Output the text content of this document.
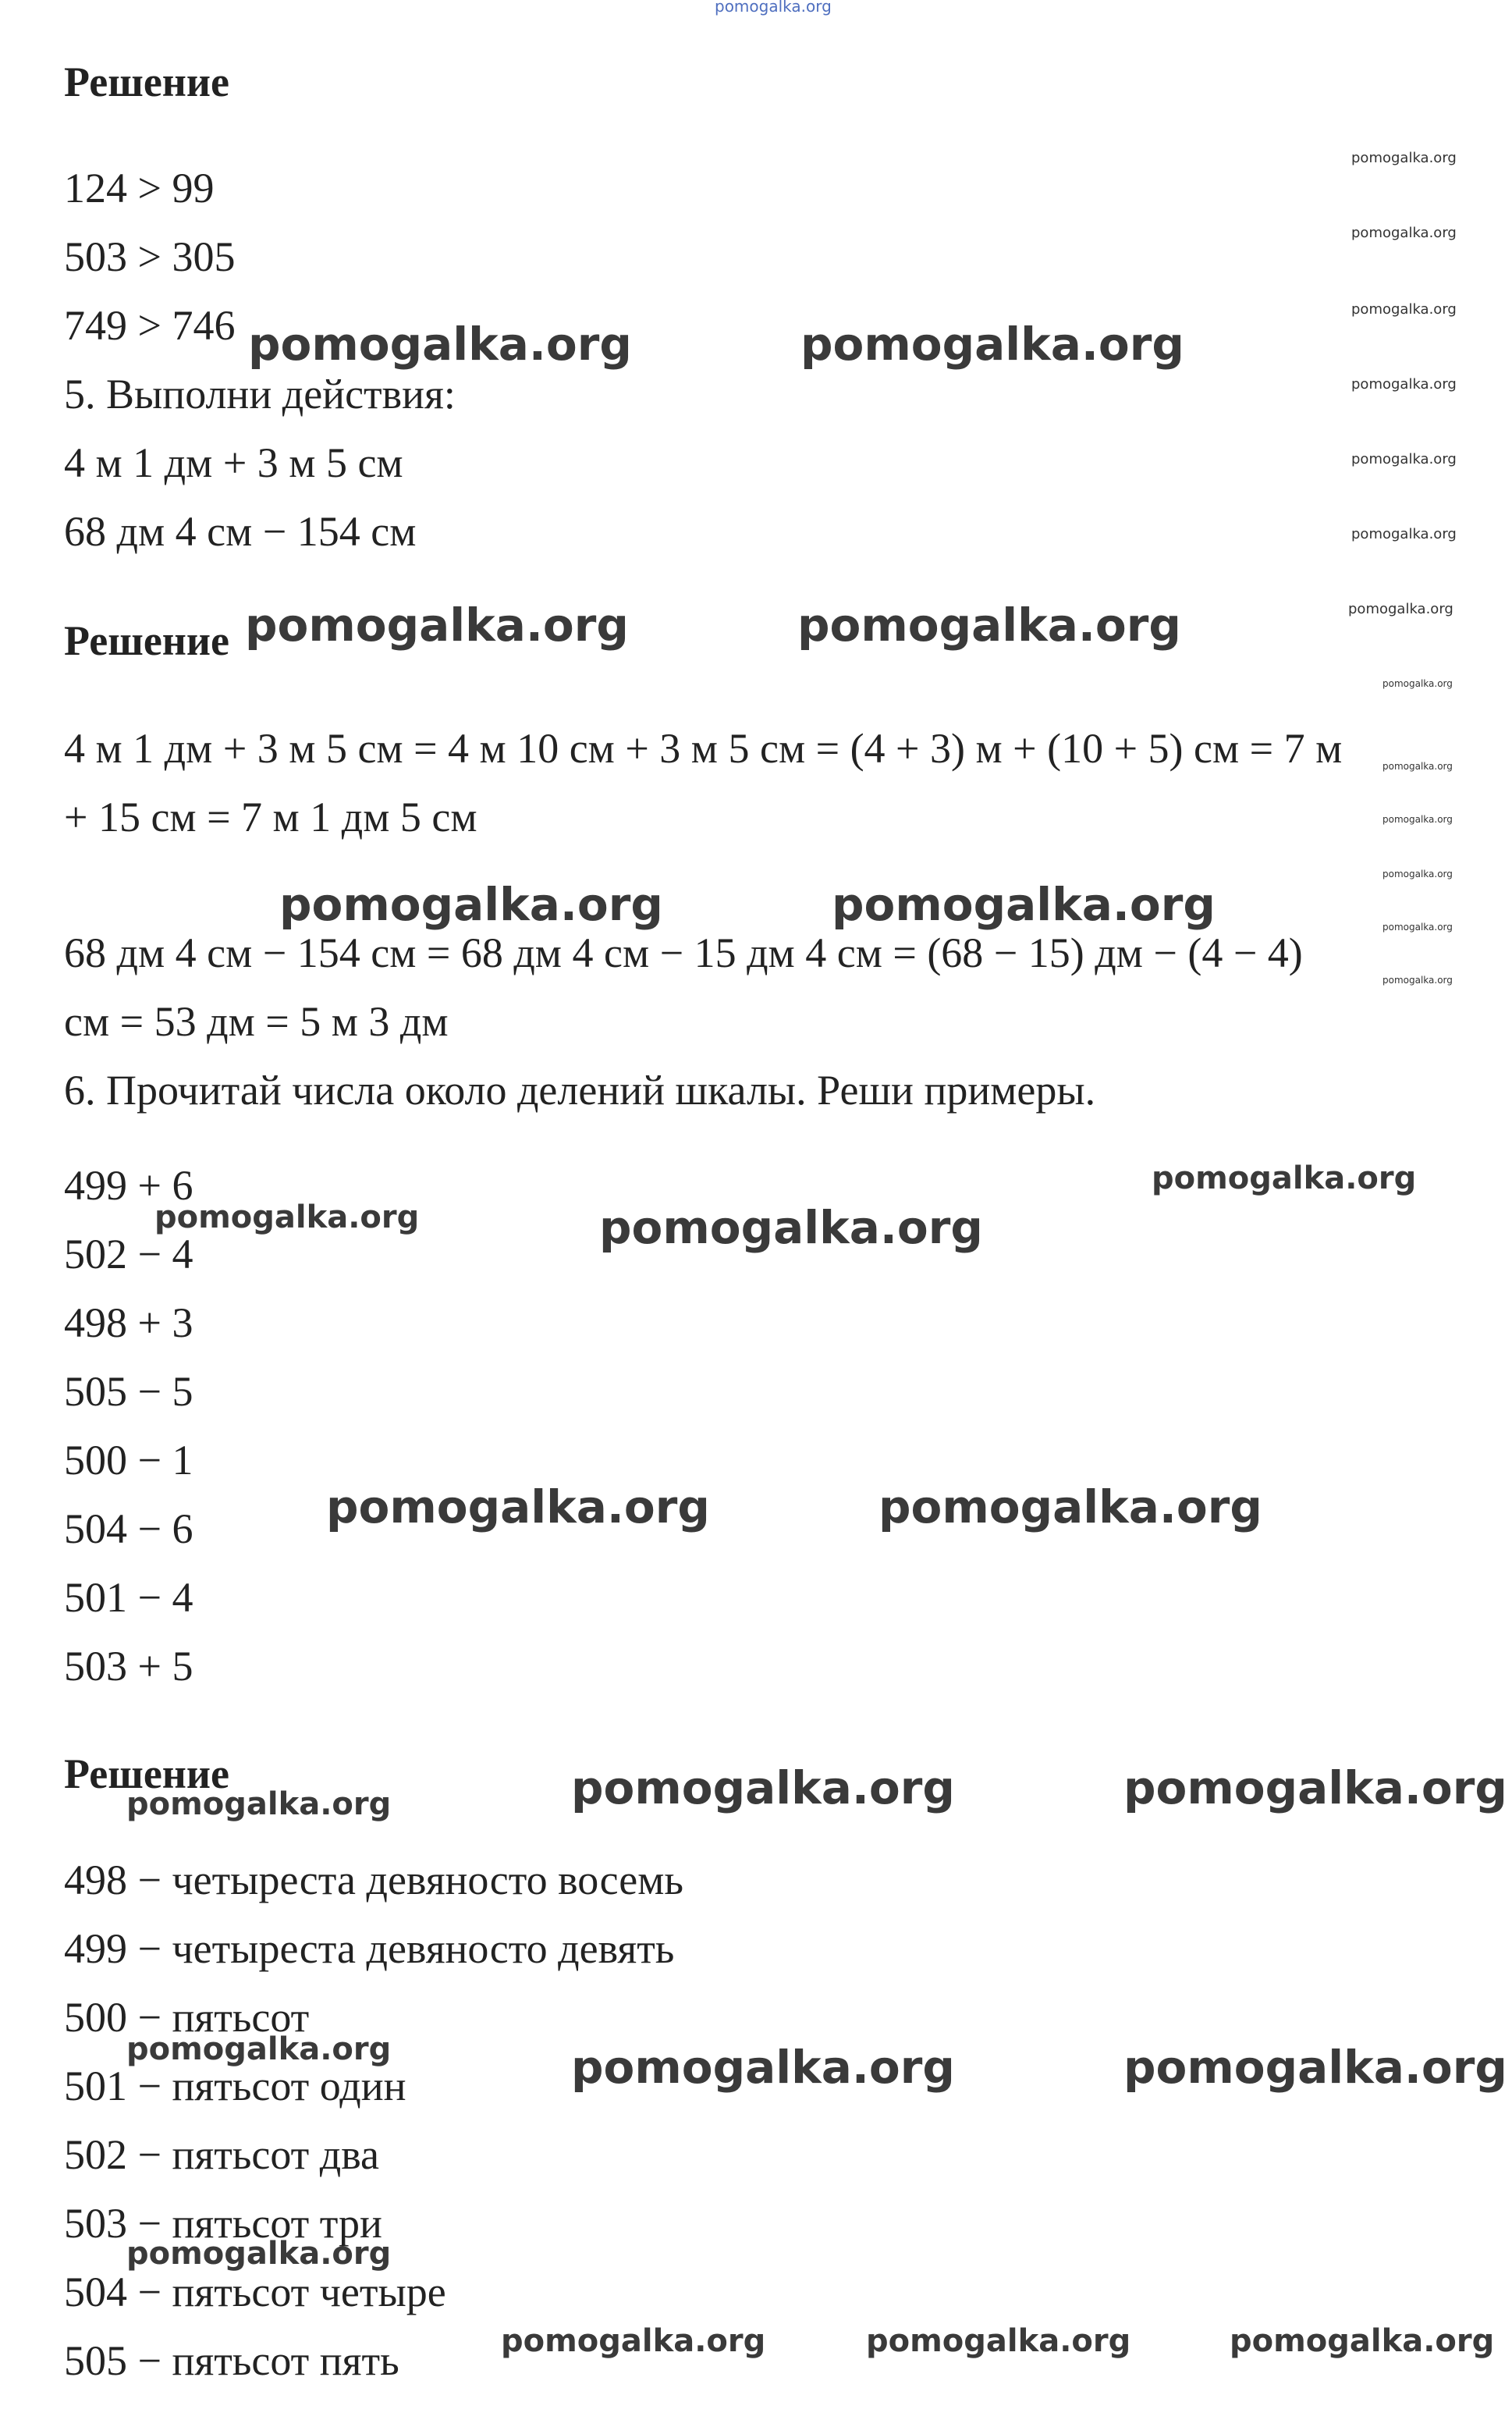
pomogalka.org
Решение
124 > 99
503 > 305
749 > 746
5. Выполни действия:
4 м 1 дм + 3 м 5 см
68 дм 4 см − 154 см
Решение
4 м 1 дм + 3 м 5 см = 4 м 10 см + 3 м 5 см = (4 + 3) м + (10 + 5) см = 7 м
+ 15 см = 7 м 1 дм 5 см
68 дм 4 см − 154 см = 68 дм 4 см − 15 дм 4 см = (68 − 15) дм − (4 − 4)
см = 53 дм = 5 м 3 дм
6. Прочитай числа около делений шкалы. Реши примеры.
499 + 6
502 − 4
498 + 3
505 − 5
500 − 1
504 − 6
501 − 4
503 + 5
Решение
498 − четыреста девяносто восемь
499 − четыреста девяносто девять
500 − пятьсот
501 − пятьсот один
502 − пятьсот два
503 − пятьсот три
504 − пятьсот четыре
505 − пятьсот пять
pomogalka.org	pomogalka.org
pomogalka.org	pomogalka.org
pomogalka.org	pomogalka.org
pomogalka.org
pomogalka.org	pomogalka.org
pomogalka.org	pomogalka.org
pomogalka.org	pomogalka.org
pomogalka.org
pomogalka.org
pomogalka.org
pomogalka.org
pomogalka.org
pomogalka.org	pomogalka.org	pomogalka.org
pomogalka.org
pomogalka.org
pomogalka.org
pomogalka.org
pomogalka.org
pomogalka.org
pomogalka.org
pomogalka.org
pomogalka.org
pomogalka.org
pomogalka.org
pomogalka.org
pomogalka.org
